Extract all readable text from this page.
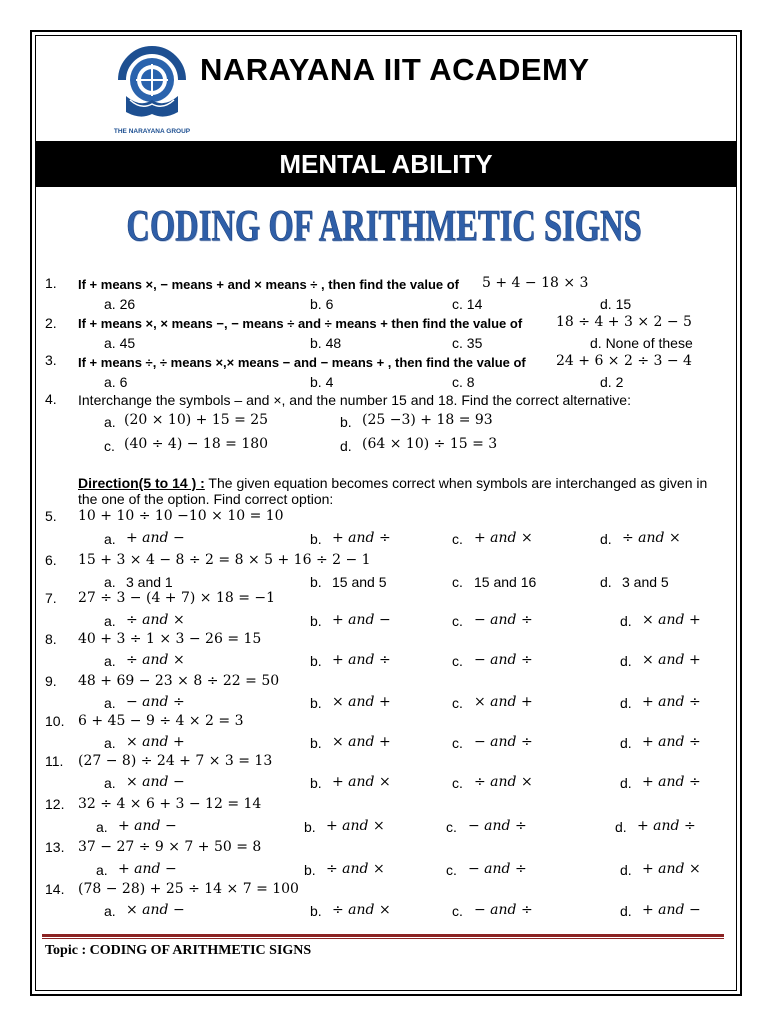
THE NARAYANA GROUP
NARAYANA IIT ACADEMY
MENTAL ABILITY
CODING OF ARITHMETIC SIGNS
1. If + means ×, − means + and × means ÷ , then find the value of 5 + 4 − 18 × 3
a. 26	b. 6	c. 14	d. 15
2. If + means ×, × means −, − means ÷ and ÷ means + then find the value of 18 ÷ 4 + 3 × 2 − 5
a. 45	b. 48	c. 35	d. None of these
3. If + means ÷, ÷ means ×,× means − and − means + , then find the value of 24 + 6 × 2 ÷ 3 − 4
a. 6	b. 4	c. 8	d. 2
4. Interchange the symbols – and ×, and the number 15 and 18. Find the correct alternative:
a. (20 × 10) + 15 = 25	b. (25 −3) + 18 = 93
c. (40 ÷ 4) − 18 = 180	d. (64 × 10) ÷ 15 = 3
Direction(5 to 14 ) : The given equation becomes correct when symbols are interchanged as given in
the one of the option. Find correct option:
5. 10 + 10 ÷ 10 −10 × 10 = 10
a. + and −	b. + and ÷	c. + and ×	d. ÷ and ×
6. 15 + 3 × 4 − 8 ÷ 2 = 8 × 5 + 16 ÷ 2 − 1
a. 3 and 1	b. 15 and 5	c. 15 and 16	d. 3 and 5
7. 27 ÷ 3 − (4 + 7) × 18 = −1
a. ÷ and ×	b. + and −	c. − and ÷	d. × and +
8. 40 + 3 ÷ 1 × 3 − 26 = 15
a. ÷ and ×	b. + and ÷	c. − and ÷	d. × and +
9. 48 + 69 − 23 × 8 ÷ 22 = 50
a. − and ÷	b. × and +	c. × and +	d. + and ÷
10. 6 + 45 − 9 ÷ 4 × 2 = 3
a. × and +	b. × and +	c. − and ÷	d. + and ÷
11. (27 − 8) ÷ 24 + 7 × 3 = 13
a. × and −	b. + and ×	c. ÷ and ×	d. + and ÷
12. 32 ÷ 4 × 6 + 3 − 12 = 14
a. + and −	b. + and ×	c. − and ÷	d. + and ÷
13. 37 − 27 ÷ 9 × 7 + 50 = 8
a. + and −	b. ÷ and ×	c. − and ÷	d. + and ×
14. (78 − 28) + 25 ÷ 14 × 7 = 100
a. × and −	b. ÷ and ×	c. − and ÷	d. + and −
Topic : CODING OF ARITHMETIC SIGNS
